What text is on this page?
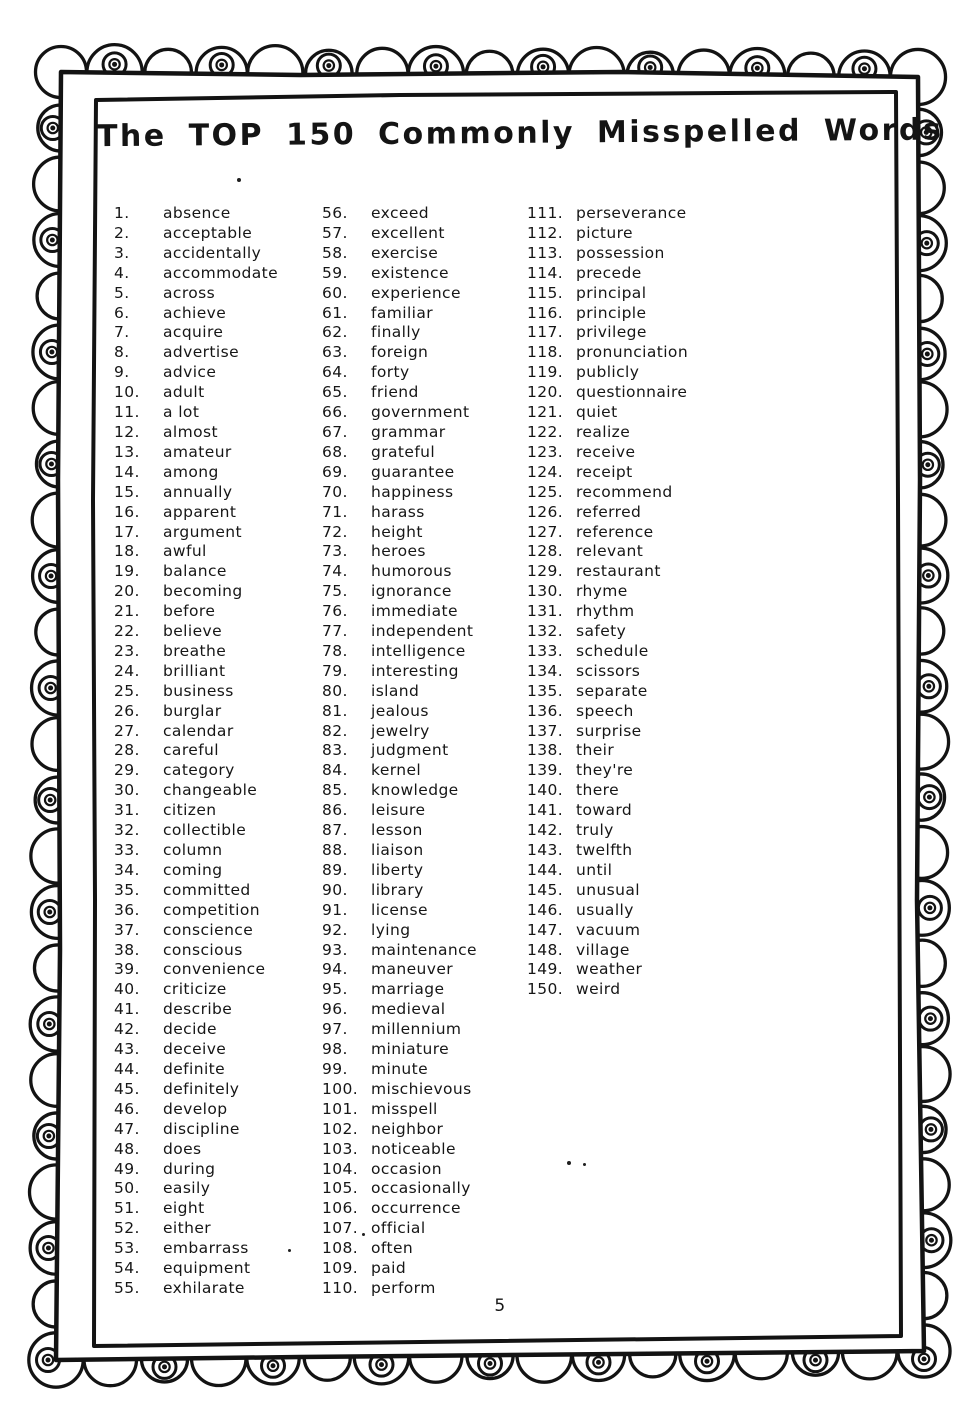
The TOP 150 Commonly Misspelled Words
1.	absence
2.	acceptable
3.	accidentally
4.	accommodate
5.	across
6.	achieve
7.	acquire
8.	advertise
9.	advice
10.	adult
11.	a lot
12.	almost
13.	amateur
14.	among
15.	annually
16.	apparent
17.	argument
18.	awful
19.	balance
20.	becoming
21.	before
22.	believe
23.	breathe
24.	brilliant
25.	business
26.	burglar
27.	calendar
28.	careful
29.	category
30.	changeable
31.	citizen
32.	collectible
33.	column
34.	coming
35.	committed
36.	competition
37.	conscience
38.	conscious
39.	convenience
40.	criticize
41.	describe
42.	decide
43.	deceive
44.	definite
45.	definitely
46.	develop
47.	discipline
48.	does
49.	during
50.	easily
51.	eight
52.	either
53.	embarrass
54.	equipment
55.	exhilarate
56.	exceed
57.	excellent
58.	exercise
59.	existence
60.	experience
61.	familiar
62.	finally
63.	foreign
64.	forty
65.	friend
66.	government
67.	grammar
68.	grateful
69.	guarantee
70.	happiness
71.	harass
72.	height
73.	heroes
74.	humorous
75.	ignorance
76.	immediate
77.	independent
78.	intelligence
79.	interesting
80.	island
81.	jealous
82.	jewelry
83.	judgment
84.	kernel
85.	knowledge
86.	leisure
87.	lesson
88.	liaison
89.	liberty
90.	library
91.	license
92.	lying
93.	maintenance
94.	maneuver
95.	marriage
96.	medieval
97.	millennium
98.	miniature
99.	minute
100. mischievous
101. misspell
102. neighbor
103. noticeable
104. occasion
105. occasionally
106. occurrence
107. official
108. often
109. paid
110. perform
111. perseverance
112. picture
113. possession
114. precede
115. principal
116. principle
117. privilege
118. pronunciation
119. publicly
120. questionnaire
121. quiet
122. realize
123. receive
124. receipt
125. recommend
126. referred
127. reference
128. relevant
129. restaurant
130. rhyme
131. rhythm
132. safety
133. schedule
134. scissors
135. separate
136. speech
137. surprise
138. their
139. they're
140. there
141. toward
142. truly
143. twelfth
144. until
145. unusual
146. usually
147. vacuum
148. village
149. weather
150. weird
5
